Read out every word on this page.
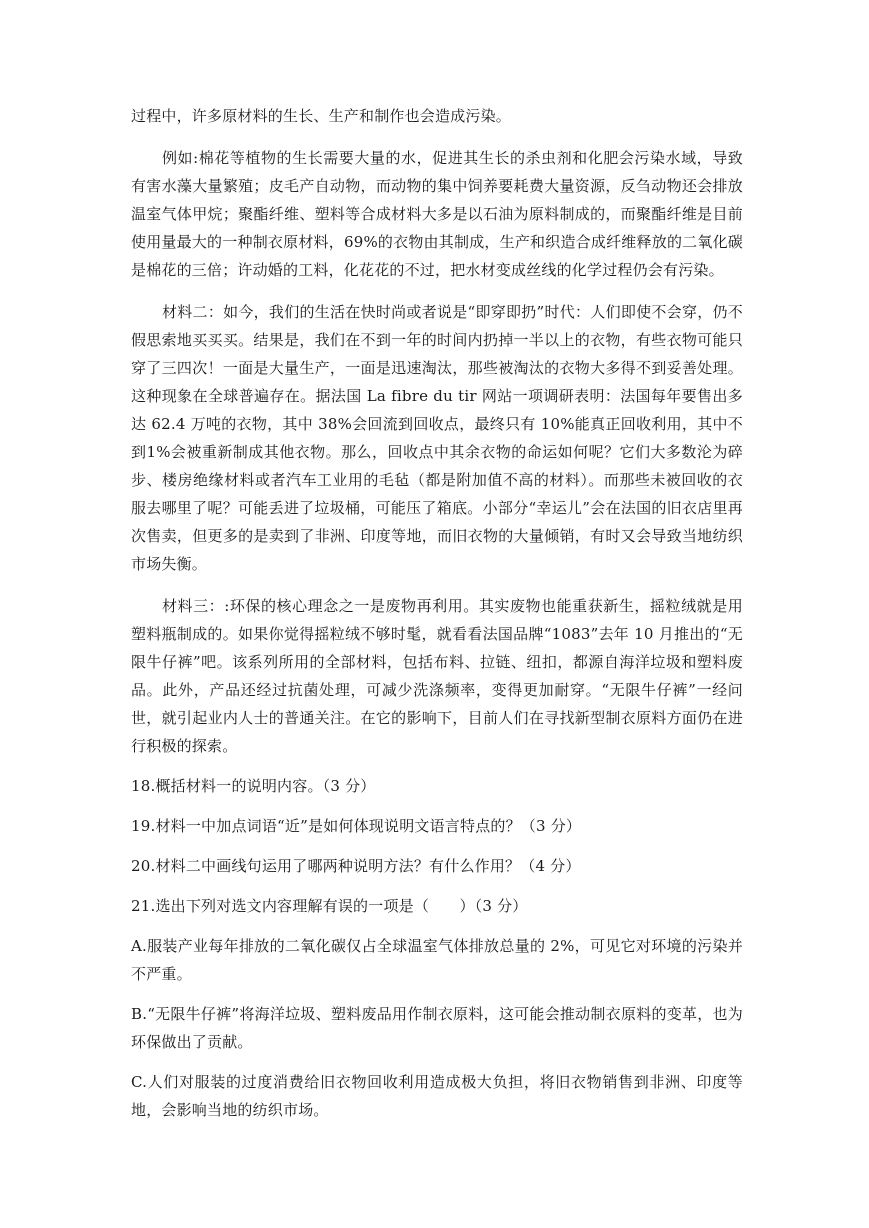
过程中，许多原材料的生长、生产和制作也会造成污染。

例如:棉花等植物的生长需要大量的水，促进其生长的杀虫剂和化肥会污染水域，导致有害水藻大量繁殖；皮毛产自动物，而动物的集中饲养要耗费大量资源，反刍动物还会排放温室气体甲烷；聚酯纤维、塑料等合成材料大多是以石油为原料制成的，而聚酯纤维是目前使用量最大的一种制衣原材料，69%的衣物由其制成，生产和织造合成纤维释放的二氧化碳是棉花的三倍；许动婚的工料，化花花的不过，把水材变成丝线的化学过程仍会有污染。

材料二：如今，我们的生活在快时尚或者说是“即穿即扔”时代：人们即使不会穿，仍不假思索地买买买。结果是，我们在不到一年的时间内扔掉一半以上的衣物，有些衣物可能只穿了三四次！一面是大量生产，一面是迅速淘汰，那些被淘汰的衣物大多得不到妥善处理。这种现象在全球普遍存在。据法国 La fibre du tir 网站一项调研表明：法国每年要售出多达 62.4 万吨的衣物，其中 38%会回流到回收点，最终只有 10%能真正回收利用，其中不到1%会被重新制成其他衣物。那么，回收点中其余衣物的命运如何呢？它们大多数沦为碎步、楼房绝缘材料或者汽车工业用的毛毡（都是附加值不高的材料）。而那些未被回收的衣服去哪里了呢？可能丢进了垃圾桶，可能压了箱底。小部分“幸运儿”会在法国的旧衣店里再次售卖，但更多的是卖到了非洲、印度等地，而旧衣物的大量倾销，有时又会导致当地纺织市场失衡。

材料三：:环保的核心理念之一是废物再利用。其实废物也能重获新生，摇粒绒就是用塑料瓶制成的。如果你觉得摇粒绒不够时髦，就看看法国品牌“1083”去年 10 月推出的“无限牛仔裤”吧。该系列所用的全部材料，包括布料、拉链、纽扣，都源自海洋垃圾和塑料废品。此外，产品还经过抗菌处理，可减少洗涤频率，变得更加耐穿。“无限牛仔裤”一经问世，就引起业内人士的普通关注。在它的影响下，目前人们在寻找新型制衣原料方面仍在进行积极的探索。

18.概括材料一的说明内容。（3 分）

19.材料一中加点词语“近”是如何体现说明文语言特点的？（3 分）

20.材料二中画线句运用了哪两种说明方法？有什么作用？（4 分）

21.选出下列对选文内容理解有误的一项是（　　）（3 分）

A.服装产业每年排放的二氧化碳仅占全球温室气体排放总量的 2%，可见它对环境的污染并不严重。

B.“无限牛仔裤”将海洋垃圾、塑料废品用作制衣原料，这可能会推动制衣原料的变革，也为环保做出了贡献。

C.人们对服装的过度消费给旧衣物回收利用造成极大负担，将旧衣物销售到非洲、印度等地，会影响当地的纺织市场。
